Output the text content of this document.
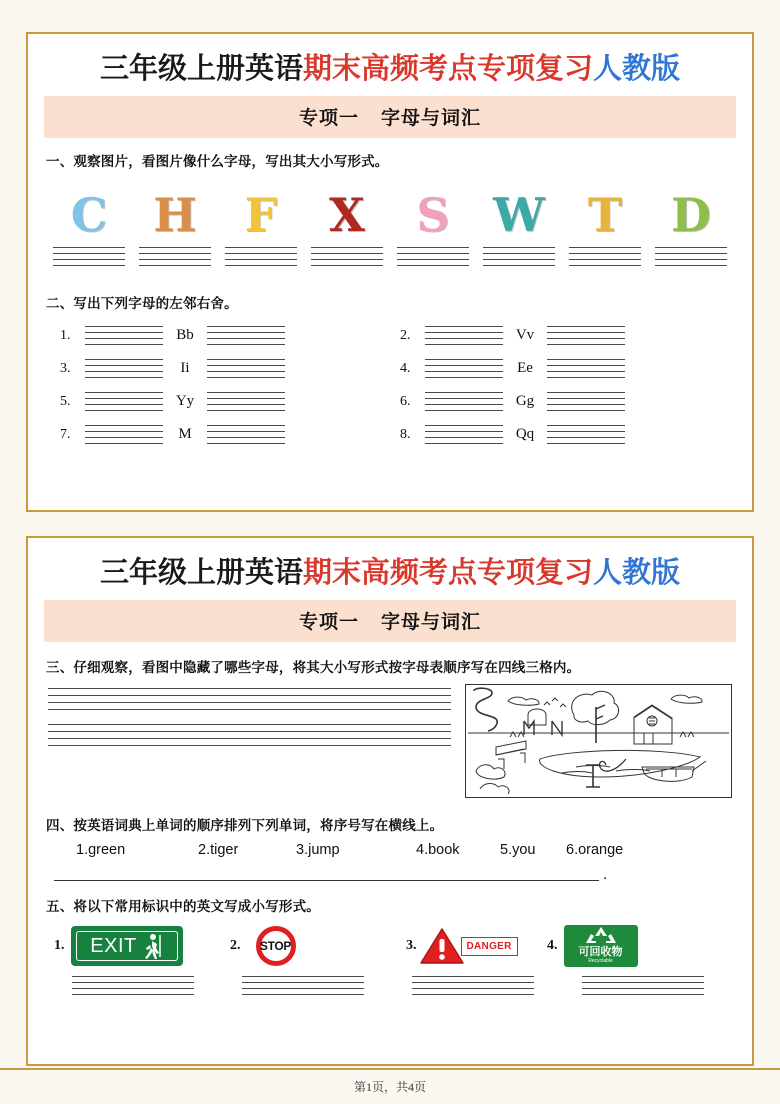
三年级上册英语期末高频考点专项复习人教版
专项一 字母与词汇
一、观察图片，看图片像什么字母，写出其大小写形式。
C H	F	X	S W T	D
二、写出下列字母的左邻右舍。
1.	Bb	2.	Vv
3.	Ii	4.	Ee
5.	Yy	6.	Gg
7.	M	8.	Qq
三年级上册英语期末高频考点专项复习人教版
专项一 字母与词汇
三、仔细观察，看图中隐藏了哪些字母，将其大小写形式按字母表顺序写在四线三格内。
四、按英语词典上单词的顺序排列下列单词，将序号写在横线上。
1.green	2.tiger	3.jump	4.book	5.you	6.orange
.
五、将以下常用标识中的英文写成小写形式。
1. EXIT	2. STOP	3.	DANGER	4. 可回收物
Recyclable
第1页，共4页
